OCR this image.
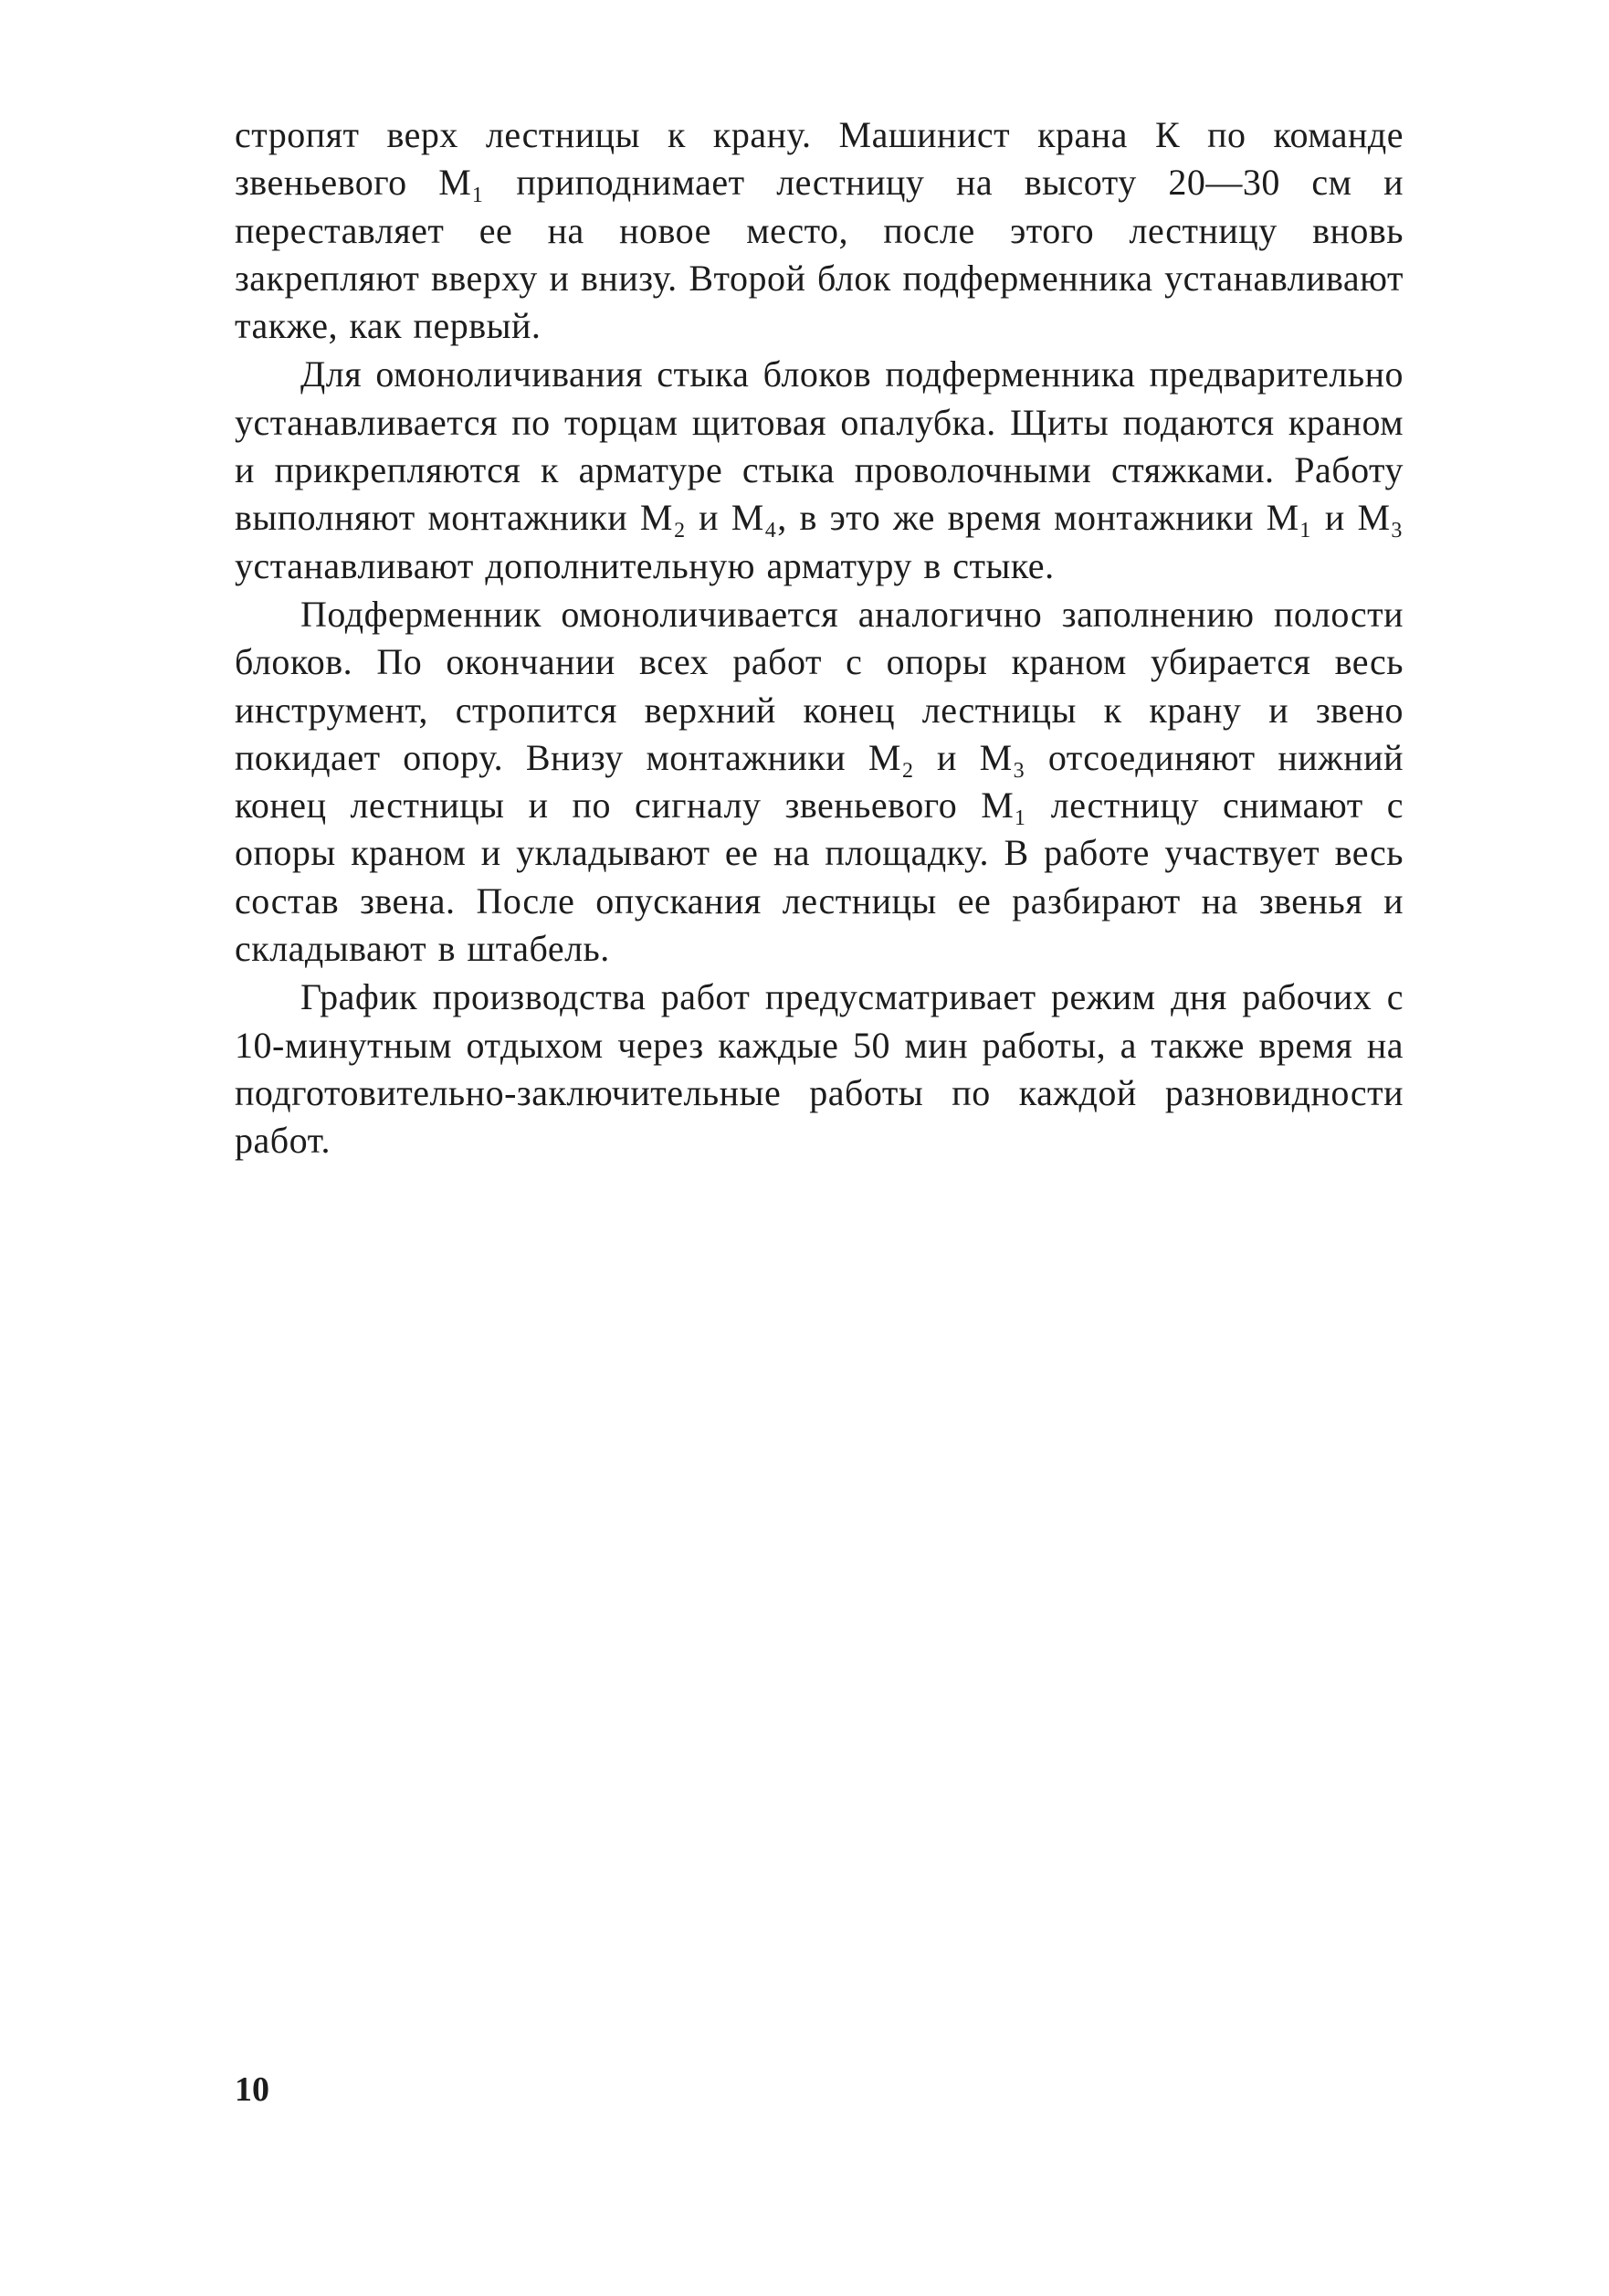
стропят верх лестницы к крану. Машинист крана К по команде звеньевого М₁ приподнимает лестницу на высоту 20—30 см и переставляет ее на новое место, после этого лестницу вновь закрепляют вверху и внизу. Второй блок подферменника устанавливают также, как первый.

Для омоноличивания стыка блоков подферменника предварительно устанавливается по торцам щитовая опалубка. Щиты подаются краном и прикрепляются к арматуре стыка проволочными стяжками. Работу выполняют монтажники М₂ и М₄, в это же время монтажники М₁ и М₃ устанавливают дополнительную арматуру в стыке.

Подферменник омоноличивается аналогично заполнению полости блоков. По окончании всех работ с опоры краном убирается весь инструмент, стропится верхний конец лестницы к крану и звено покидает опору. Внизу монтажники М₂ и М₃ отсоединяют нижний конец лестницы и по сигналу звеньевого М₁ лестницу снимают с опоры краном и укладывают ее на площадку. В работе участвует весь состав звена. После опускания лестницы ее разбирают на звенья и складывают в штабель.

График производства работ предусматривает режим дня рабочих с 10-минутным отдыхом через каждые 50 мин работы, а также время на подготовительно-заключительные работы по каждой разновидности работ.

10
